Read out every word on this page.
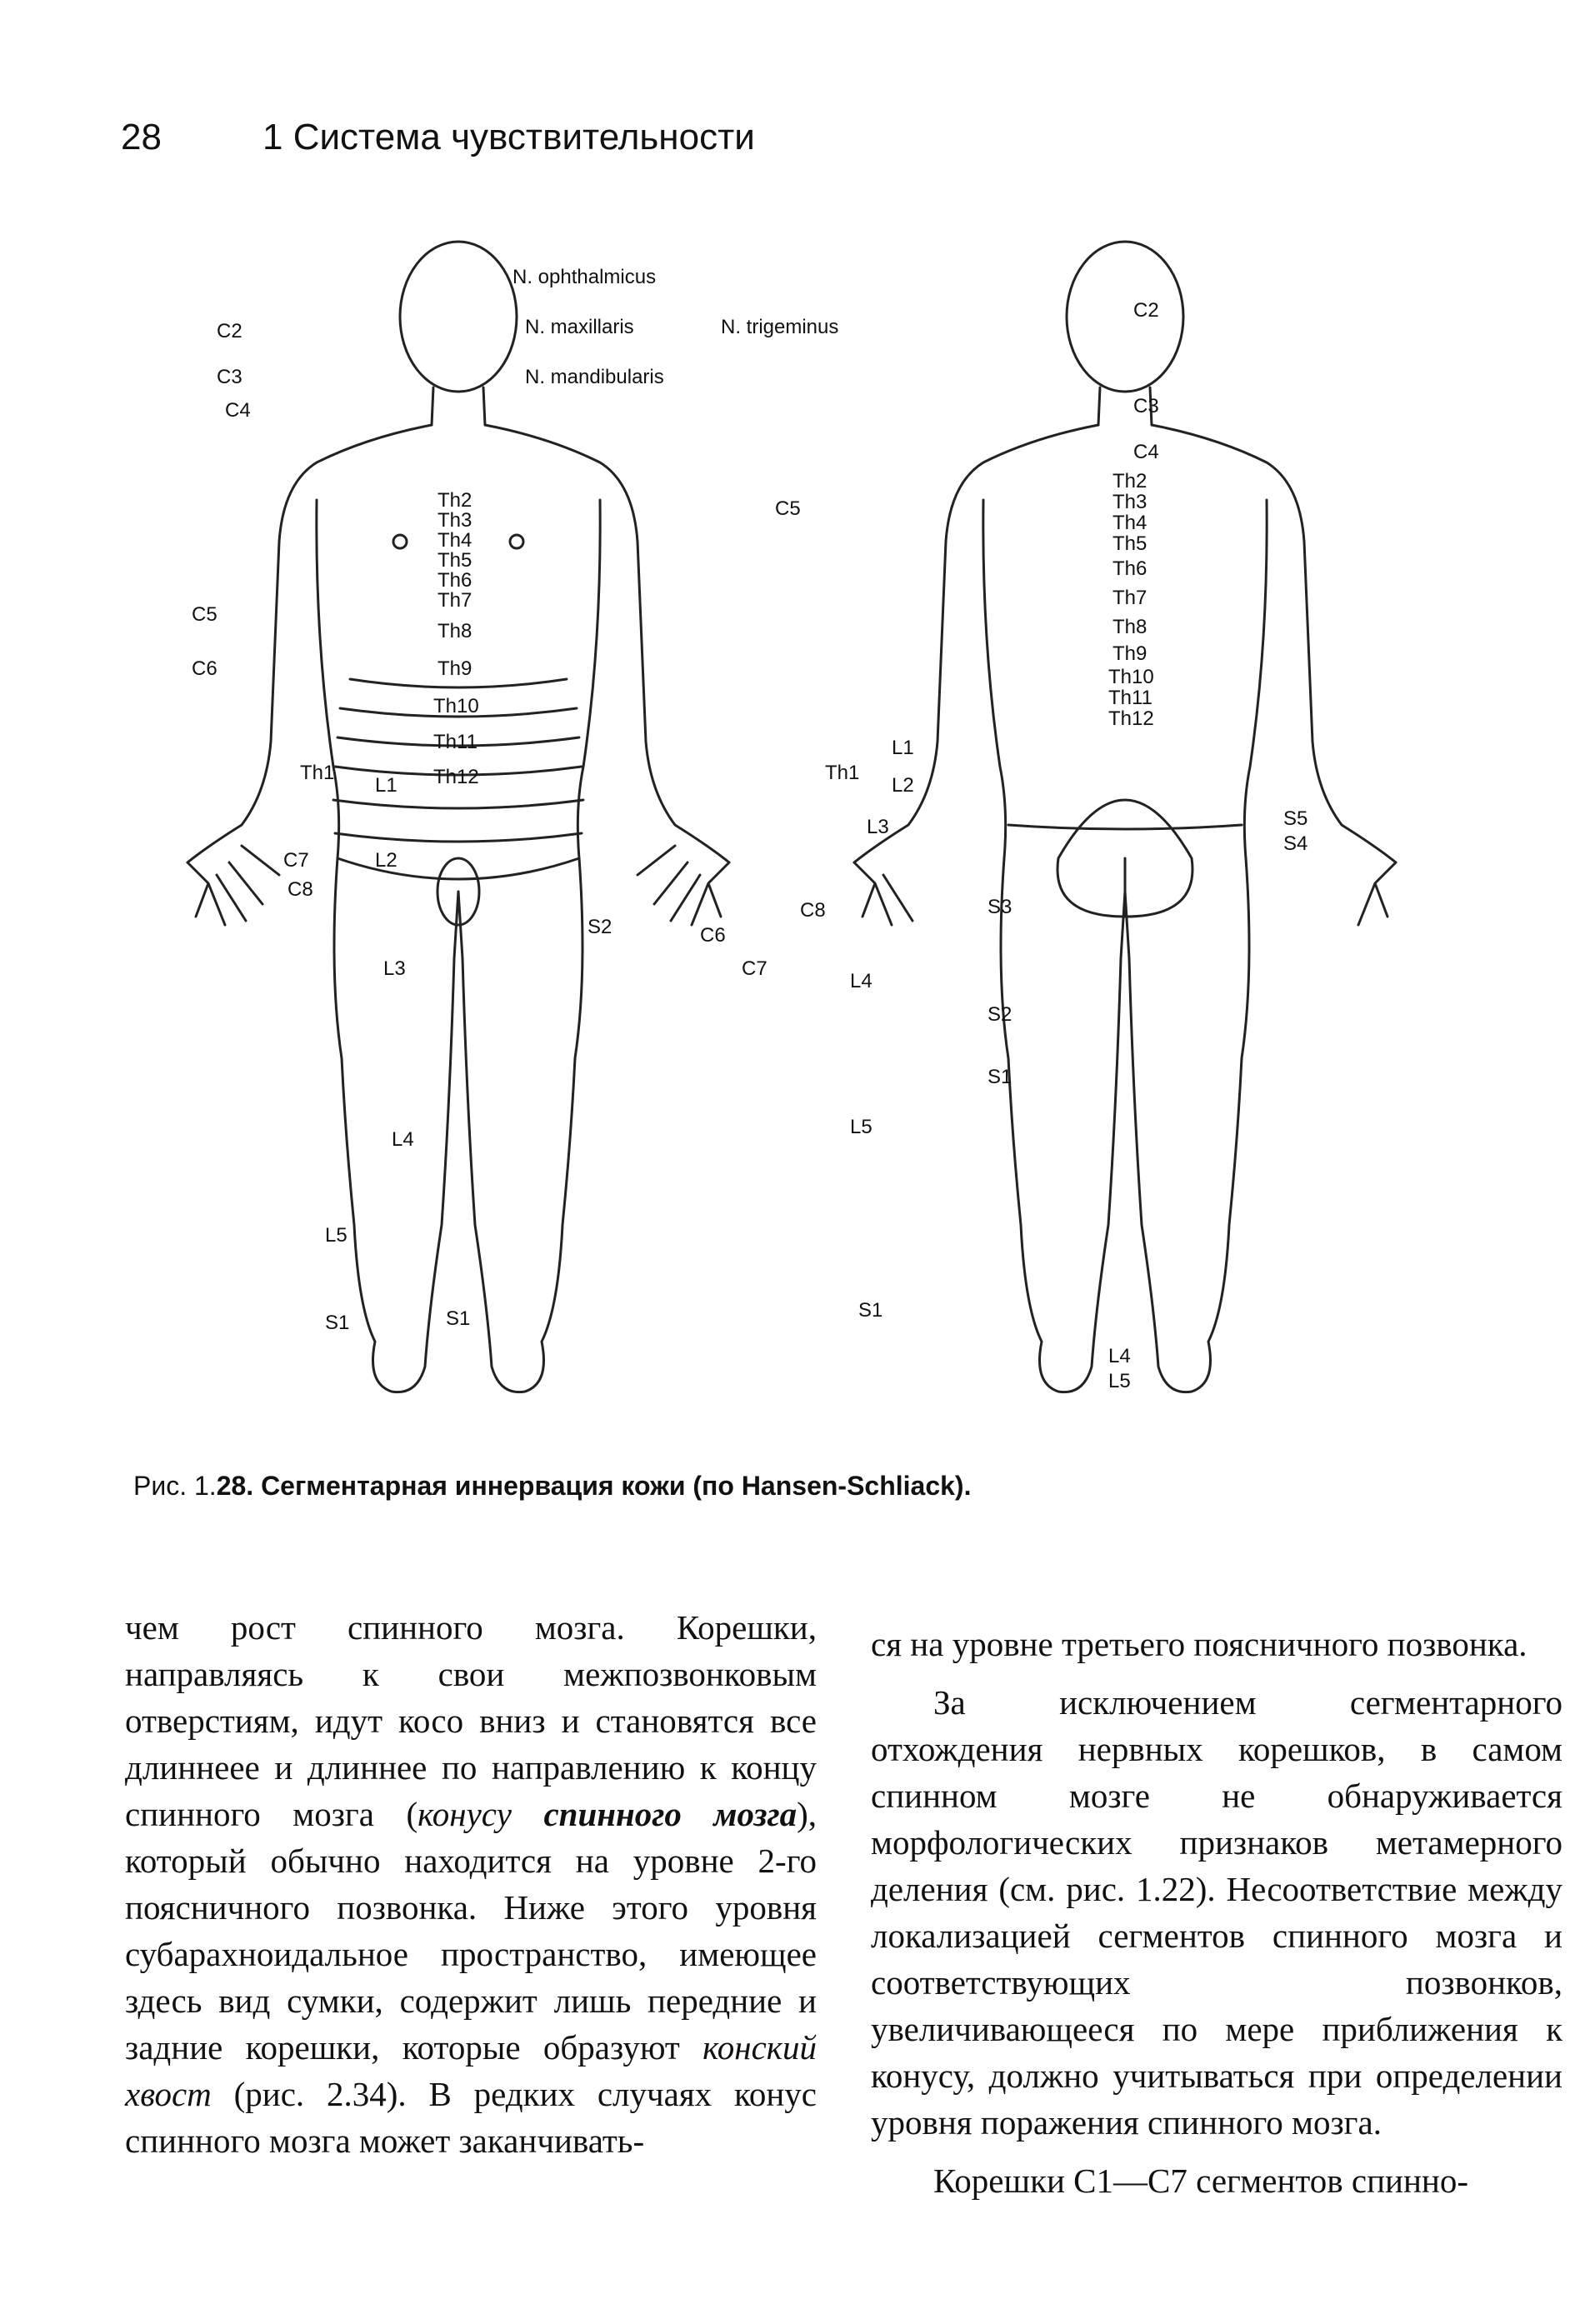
28	1 Система чувствительности
C2
C3
C4
C5
C6
C7
C8
Th1
Th2
Th3
Th4
Th5
Th6
Th7
Th8
Th9
Th10
Th11
Th12
L1
L2
L3
L4
L5
S1	S1
S2
N. ophthalmicus
N. maxillaris
N. mandibularis
N. trigeminus
C2
C3
C4
C5
C6
C7
C8
Th1
Th2
Th3
Th4
Th5
Th6
Th7
Th8
Th9
Th10
Th11
Th12
L1
L2
L3
L4
L5
S3
S2
S1
S1
S5
S4
L4
L5
Рис. 1.28. Сегментарная иннервация кожи (по Hansen-Schliack).

чем рост спинного мозга. Корешки, направляясь к свои межпозвонковым отверстиям, идут косо вниз и становятся все длиннеее и длиннее по направлению к концу спинного мозга (конусу спинного мозга), который обычно находится на уровне 2-го поясничного позвонка. Ниже этого уровня субарахноидальное пространство, имеющее здесь вид сумки, содержит лишь передние и задние корешки, которые образуют конский хвост (рис. 2.34). В редких случаях конус спинного мозга может заканчивать-

ся на уровне третьего поясничного позвонка.

За исключением сегментарного отхождения нервных корешков, в самом спинном мозге не обнаруживается морфологических признаков метамерного деления (см. рис. 1.22). Несоответствие между локализацией сегментов спинного мозга и соответствующих позвонков, увеличивающееся по мере приближения к конусу, должно учитываться при определении уровня поражения спинного мозга.

Корешки C1—C7 сегментов спинно-
